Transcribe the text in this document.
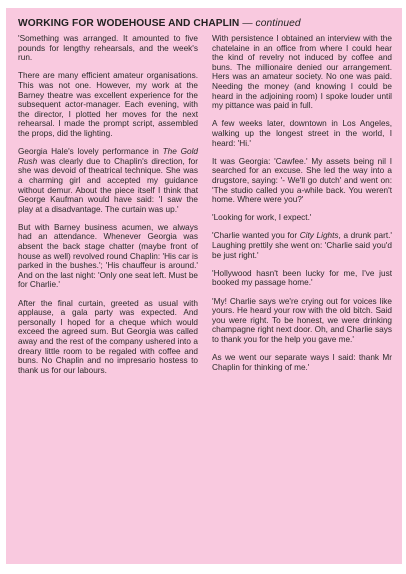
WORKING FOR WODEHOUSE AND CHAPLIN — continued

'Something was arranged. It amounted to five pounds for lengthy rehearsals, and the week's run.

There are many efficient amateur organisations. This was not one. However, my work at the Barney theatre was excellent experience for the subsequent actor-manager. Each evening, with the director, I plotted her moves for the next rehearsal. I made the prompt script, assembled the props, did the lighting.

Georgia Hale's lovely performance in The Gold Rush was clearly due to Chaplin's direction, for she was devoid of theatrical technique. She was a charming girl and accepted my guidance without demur. About the piece itself I think that George Kaufman would have said: 'I saw the play at a disadvantage. The curtain was up.'

But with Barney business acumen, we always had an attendance. Whenever Georgia was absent the back stage chatter (maybe front of house as well) revolved round Chaplin: 'His car is parked in the bushes.'; 'His chauffeur is around.' And on the last night: 'Only one seat left. Must be for Charlie.'

After the final curtain, greeted as usual with applause, a gala party was expected. And personally I hoped for a cheque which would exceed the agreed sum. But Georgia was called away and the rest of the company ushered into a dreary little room to be regaled with coffee and buns. No Chaplin and no impresario hostess to thank us for our labours.

With persistence I obtained an interview with the chatelaine in an office from where I could hear the kind of revelry not induced by coffee and buns. The millionaire denied our arrangement. Hers was an amateur society. No one was paid. Needing the money (and knowing I could be heard in the adjoining room) I spoke louder until my pittance was paid in full.

A few weeks later, downtown in Los Angeles, walking up the longest street in the world, I heard: 'Hi.'

It was Georgia: 'Cawfee.' My assets being nil I searched for an excuse. She led the way into a drugstore, saying: '- We'll go dutch' and went on: 'The studio called you a-while back. You weren't home. Where were you?'

'Looking for work, I expect.'

'Charlie wanted you for City Lights, a drunk part.' Laughing prettily she went on: 'Charlie said you'd be just right.'

'Hollywood hasn't been lucky for me, I've just booked my passage home.'

'My! Charlie says we're crying out for voices like yours. He heard your row with the old bitch. Said you were right. To be honest, we were drinking champagne right next door. Oh, and Charlie says to thank you for the help you gave me.'

As we went our separate ways I said: thank Mr Chaplin for thinking of me.'
